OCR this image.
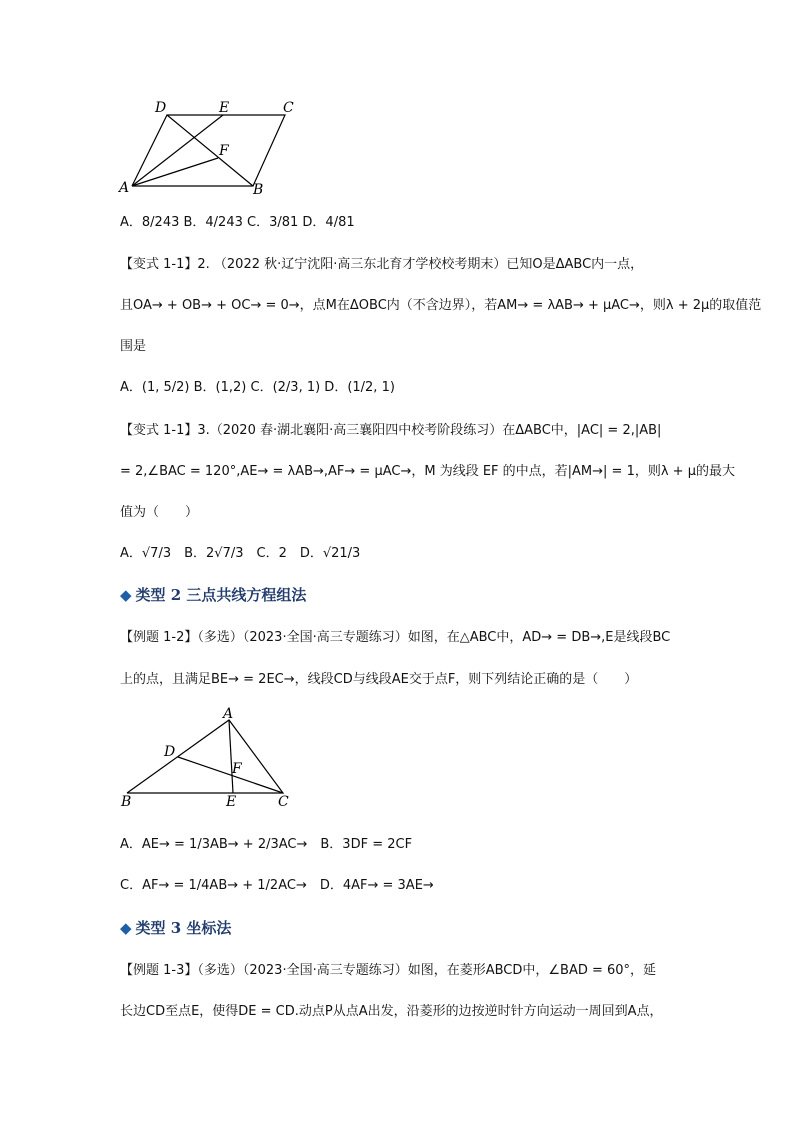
A	B
C
D	E
F
A．8/243 B．4/243 C．3/81 D．4/81
【变式 1-1】2. （2022 秋·辽宁沈阳·高三东北育才学校校考期末）已知O是ΔABC内一点，
且OA→ + OB→ + OC→ = 0→，点M在ΔOBC内（不含边界），若AM→ = λAB→ + μAC→，则λ + 2μ的取值范
围是
A．(1, 5/2) B．(1,2) C．(2/3, 1) D．(1/2, 1)
【变式 1-1】3.（2020 春·湖北襄阳·高三襄阳四中校考阶段练习）在ΔABC中，|AC| = 2,|AB|
= 2,∠BAC = 120°,AE→ = λAB→,AF→ = μAC→，M 为线段 EF 的中点，若|AM→| = 1，则λ + μ的最大
值为（　　）
A．√7/3　B．2√7/3　C．2　D．√21/3
◆ 类型 2 三点共线方程组法
【例题 1-2】（多选）（2023·全国·高三专题练习）如图，在△ABC中，AD→ = DB→,E是线段BC
上的点，且满足BE→ = 2EC→，线段CD与线段AE交于点F，则下列结论正确的是（　　）
A
B	C
D
E
F
A．AE→ = 1/3AB→ + 2/3AC→　B．3DF = 2CF
C．AF→ = 1/4AB→ + 1/2AC→　D．4AF→ = 3AE→
◆ 类型 3 坐标法
【例题 1-3】（多选）（2023·全国·高三专题练习）如图，在菱形ABCD中，∠BAD = 60°，延
长边CD至点E，使得DE = CD.动点P从点A出发，沿菱形的边按逆时针方向运动一周回到A点，
